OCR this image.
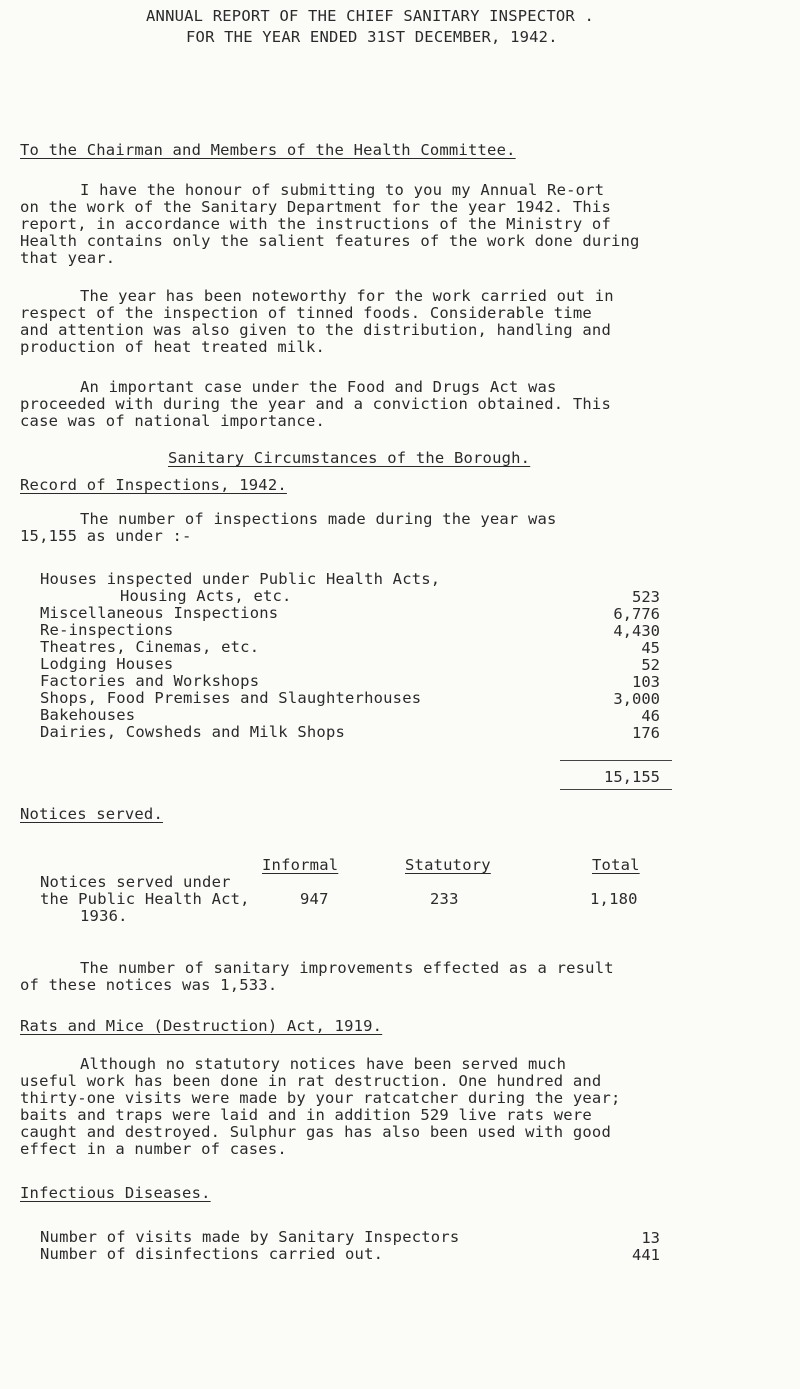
ANNUAL REPORT OF THE CHIEF SANITARY INSPECTOR .
FOR THE YEAR ENDED 31ST DECEMBER, 1942.
To the Chairman and Members of the Health Committee.
I have the honour of submitting to you my Annual Re-ort
on the work of the Sanitary Department for the year 1942. This
report, in accordance with the instructions of the Ministry of
Health contains only the salient features of the work done during
that year.
The year has been noteworthy for the work carried out in
respect of the inspection of tinned foods. Considerable time
and attention was also given to the distribution, handling and
production of heat treated milk.
An important case under the Food and Drugs Act was
proceeded with during the year and a conviction obtained. This
case was of national importance.
Sanitary Circumstances of the Borough.
Record of Inspections, 1942.
The number of inspections made during the year was
15,155 as under :-
Houses inspected under Public Health Acts,
Housing Acts, etc.	523
Miscellaneous Inspections	6,776
Re-inspections	4,430
Theatres, Cinemas, etc.	45
Lodging Houses	52
Factories and Workshops	103
Shops, Food Premises and Slaughterhouses	3,000
Bakehouses	46
Dairies, Cowsheds and Milk Shops	176
15,155
Notices served.
Informal	Statutory	Total
Notices served under
the Public Health Act,
1936.
947	233	1,180
The number of sanitary improvements effected as a result
of these notices was 1,533.
Rats and Mice (Destruction) Act, 1919.
Although no statutory notices have been served much
useful work has been done in rat destruction. One hundred and
thirty-one visits were made by your ratcatcher during the year;
baits and traps were laid and in addition 529 live rats were
caught and destroyed. Sulphur gas has also been used with good
effect in a number of cases.
Infectious Diseases.
Number of visits made by Sanitary Inspectors	13
Number of disinfections carried out.	441
